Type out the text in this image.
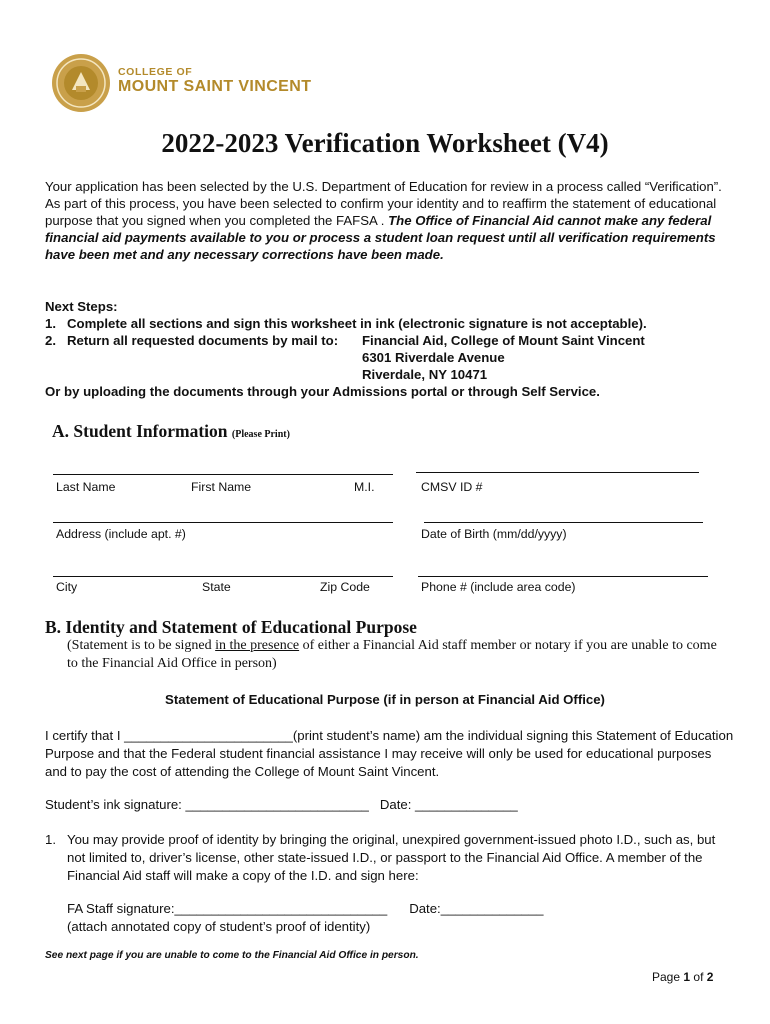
COLLEGE OF
MOUNT SAINT VINCENT
2022-2023 Verification Worksheet (V4)
Your application has been selected by the U.S. Department of Education for review in a process called “Verification”. As part of this process, you have been selected to confirm your identity and to reaffirm the statement of educational purpose that you signed when you completed the FAFSA . The Office of Financial Aid cannot make any federal financial aid payments available to you or process a student loan request until all verification requirements have been met and any necessary corrections have been made.
Next Steps:
1. Complete all sections and sign this worksheet in ink (electronic signature is not acceptable).
2. Return all requested documents by mail to: Financial Aid, College of Mount Saint Vincent
6301 Riverdale Avenue
Riverdale, NY 10471
Or by uploading the documents through your Admissions portal or through Self Service.
A. Student Information (Please Print)
Last Name	First Name	M.I.	CMSV ID #
Address (include apt. #)	Date of Birth (mm/dd/yyyy)
City	State	Zip Code	Phone # (include area code)
B. Identity and Statement of Educational Purpose
(Statement is to be signed in the presence of either a Financial Aid staff member or notary if you are unable to come to the Financial Aid Office in person)
Statement of Educational Purpose (if in person at Financial Aid Office)
I certify that I _______________________(print student’s name) am the individual signing this Statement of Education Purpose and that the Federal student financial assistance I may receive will only be used for educational purposes and to pay the cost of attending the College of Mount Saint Vincent.
Student’s ink signature: _________________________ Date: ______________
1. You may provide proof of identity by bringing the original, unexpired government-issued photo I.D., such as, but not limited to, driver’s license, other state-issued I.D., or passport to the Financial Aid Office. A member of the Financial Aid staff will make a copy of the I.D. and sign here:
FA Staff signature:_____________________________ Date:______________
(attach annotated copy of student’s proof of identity)
See next page if you are unable to come to the Financial Aid Office in person.
Page 1 of 2
